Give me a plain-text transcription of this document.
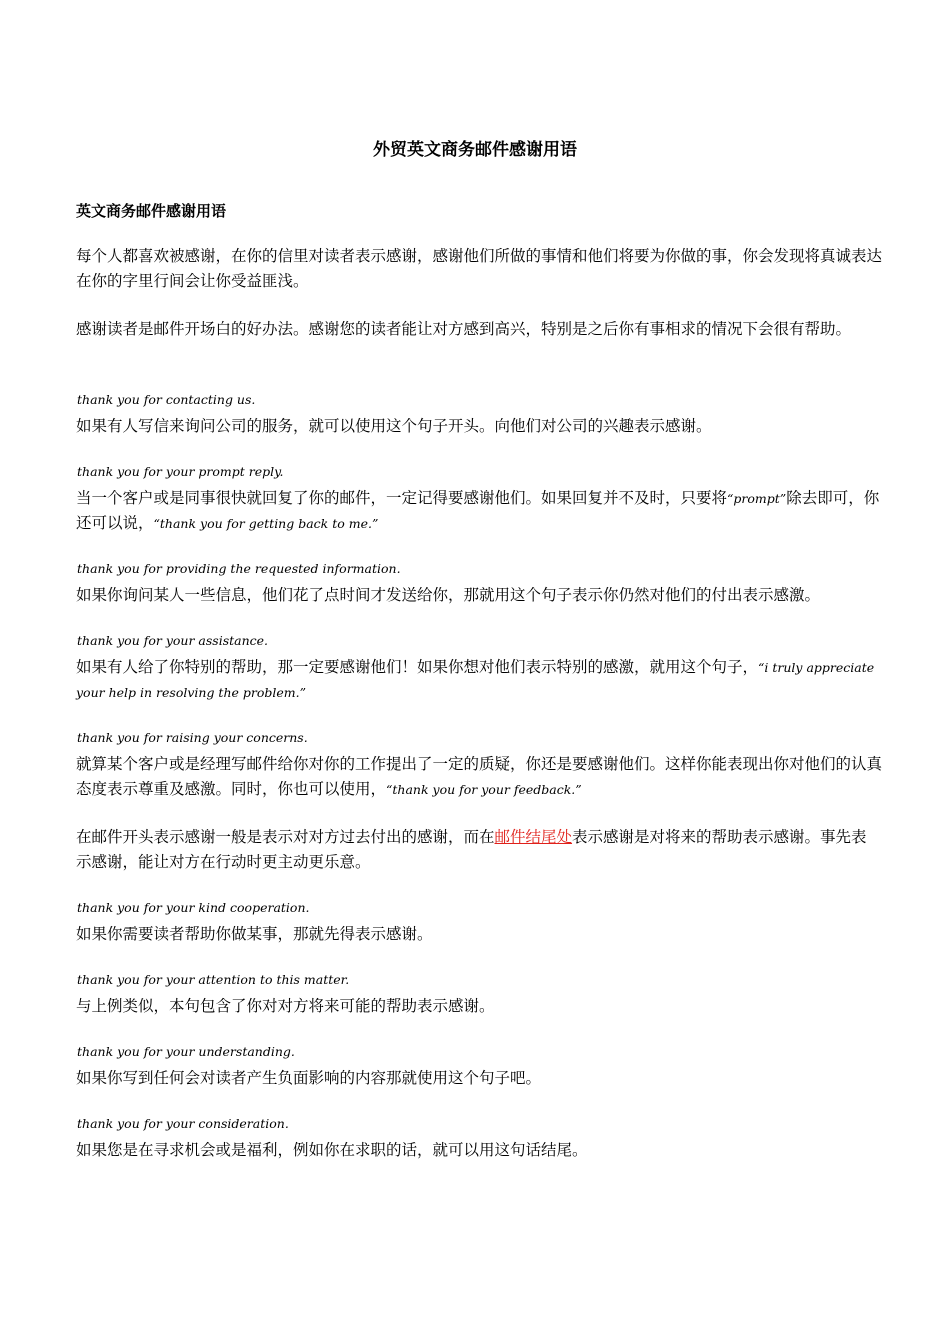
外贸英文商务邮件感谢用语
英文商务邮件感谢用语
每个人都喜欢被感谢，在你的信里对读者表示感谢，感谢他们所做的事情和他们将要为你做的事，你会发现将真诚表达在你的字里行间会让你受益匪浅。
感谢读者是邮件开场白的好办法。感谢您的读者能让对方感到高兴，特别是之后你有事相求的情况下会很有帮助。
thank you for contacting us.
如果有人写信来询问公司的服务，就可以使用这个句子开头。向他们对公司的兴趣表示感谢。
thank you for your prompt reply.
当一个客户或是同事很快就回复了你的邮件，一定记得要感谢他们。如果回复并不及时，只要将“prompt”除去即可，你还可以说，“thank you for getting back to me.”
thank you for providing the requested information.
如果你询问某人一些信息，他们花了点时间才发送给你，那就用这个句子表示你仍然对他们的付出表示感激。
thank you for your assistance.
如果有人给了你特别的帮助，那一定要感谢他们！如果你想对他们表示特别的感激，就用这个句子，“i truly appreciate your help in resolving the problem.”
thank you for raising your concerns.
就算某个客户或是经理写邮件给你对你的工作提出了一定的质疑，你还是要感谢他们。这样你能表现出你对他们的认真态度表示尊重及感激。同时，你也可以使用，“thank you for your feedback.”
在邮件开头表示感谢一般是表示对对方过去付出的感谢，而在邮件结尾处表示感谢是对将来的帮助表示感谢。事先表示感谢，能让对方在行动时更主动更乐意。
thank you for your kind cooperation.
如果你需要读者帮助你做某事，那就先得表示感谢。
thank you for your attention to this matter.
与上例类似，本句包含了你对对方将来可能的帮助表示感谢。
thank you for your understanding.
如果你写到任何会对读者产生负面影响的内容那就使用这个句子吧。
thank you for your consideration.
如果您是在寻求机会或是福利，例如你在求职的话，就可以用这句话结尾。
